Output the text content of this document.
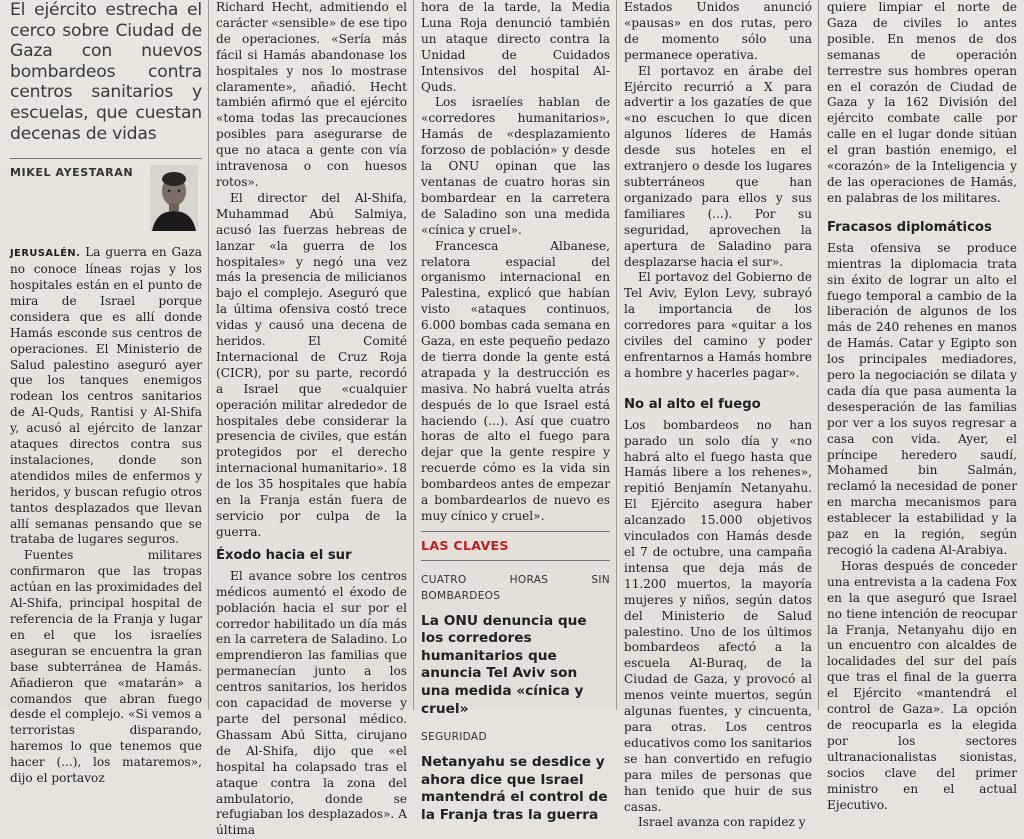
El ejército estrecha el cerco sobre Ciudad de Gaza con nuevos bombardeos contra centros sanitarios y escuelas, que cuestan decenas de vidas
MIKEL AYESTARAN

JERUSALÉN. La guerra en Gaza no conoce líneas rojas y los hospitales están en el punto de mira de Israel porque considera que es allí donde Hamás esconde sus centros de operaciones. El Ministerio de Salud palestino aseguró ayer que los tanques enemigos rodean los centros sanitarios de Al-Quds, Rantisi y Al-Shifa y, acusó al ejército de lanzar ataques directos contra sus instalaciones, donde son atendidos miles de enfermos y heridos, y buscan refugio otros tantos desplazados que llevan allí semanas pensando que se trataba de lugares seguros.

Fuentes militares confirmaron que las tropas actúan en las proximidades del Al-Shifa, principal hospital de referencia de la Franja y lugar en el que los israelíes aseguran se encuentra la gran base subterránea de Hamás. Añadieron que «matarán» a comandos que abran fuego desde el complejo. «Si vemos a terroristas disparando, haremos lo que tenemos que hacer (...), los mataremos», dijo el portavoz

Richard Hecht, admitiendo el carácter «sensible» de ese tipo de operaciones. «Sería más fácil si Hamás abandonase los hospitales y nos lo mostrase claramente», añadió. Hecht también afirmó que el ejército «toma todas las precauciones posibles para asegurarse de que no ataca a gente con vía intravenosa o con huesos rotos».

El director del Al-Shifa, Muhammad Abú Salmiya, acusó las fuerzas hebreas de lanzar «la guerra de los hospitales» y negó una vez más la presencia de milicianos bajo el complejo. Aseguró que la última ofensiva costó trece vidas y causó una decena de heridos. El Comité Internacional de Cruz Roja (CICR), por su parte, recordó a Israel que «cualquier operación militar alrededor de hospitales debe considerar la presencia de civiles, que están protegidos por el derecho internacional humanitario». 18 de los 35 hospitales que había en la Franja están fuera de servicio por culpa de la guerra.

Éxodo hacia el sur

El avance sobre los centros médicos aumentó el éxodo de población hacia el sur por el corredor habilitado un día más en la carretera de Saladino. Lo emprendieron las familias que permanecían junto a los centros sanitarios, los heridos con capacidad de moverse y parte del personal médico. Ghassam Abú Sitta, cirujano de Al-Shifa, dijo que «el hospital ha colapsado tras el ataque contra la zona del ambulatorio, donde se refugiaban los desplazados». A última

hora de la tarde, la Media Luna Roja denunció también un ataque directo contra la Unidad de Cuidados Intensivos del hospital Al-Quds.

Los israelíes hablan de «corredores humanitarios», Hamás de «desplazamiento forzoso de población» y desde la ONU opinan que las ventanas de cuatro horas sin bombardear en la carretera de Saladino son una medida «cínica y cruel».

Francesca Albanese, relatora espacial del organismo internacional en Palestina, explicó que habían visto «ataques continuos, 6.000 bombas cada semana en Gaza, en este pequeño pedazo de tierra donde la gente está atrapada y la destrucción es masiva. No habrá vuelta atrás después de lo que Israel está haciendo (...). Así que cuatro horas de alto el fuego para dejar que la gente respire y recuerde cómo es la vida sin bombardeos antes de empezar a bombardearlos de nuevo es muy cínico y cruel».

LAS CLAVES
CUATRO HORAS SIN BOMBARDEOS
La ONU denuncia que los corredores humanitarios que anuncia Tel Aviv son una medida «cínica y cruel»
SEGURIDAD
Netanyahu se desdice y ahora dice que Israel mantendrá el control de la Franja tras la guerra

Estados Unidos anunció «pausas» en dos rutas, pero de momento sólo una permanece operativa.

El portavoz en árabe del Ejército recurrió a X para advertir a los gazatíes de que «no escuchen lo que dicen algunos líderes de Hamás desde sus hoteles en el extranjero o desde los lugares subterráneos que han organizado para ellos y sus familiares (...). Por su seguridad, aprovechen la apertura de Saladino para desplazarse hacia el sur».

El portavoz del Gobierno de Tel Aviv, Eylon Levy, subrayó la importancia de los corredores para «quitar a los civiles del camino y poder enfrentarnos a Hamás hombre a hombre y hacerles pagar».

No al alto el fuego

Los bombardeos no han parado un solo día y «no habrá alto el fuego hasta que Hamás libere a los rehenes», repitió Benjamín Netanyahu. El Ejército asegura haber alcanzado 15.000 objetivos vinculados con Hamás desde el 7 de octubre, una campaña intensa que deja más de 11.200 muertos, la mayoría mujeres y niños, según datos del Ministerio de Salud palestino. Uno de los últimos bombardeos afectó a la escuela Al-Buraq, de la Ciudad de Gaza, y provocó al menos veinte muertos, según algunas fuentes, y cincuenta, para otras. Los centros educativos como los sanitarios se han convertido en refugio para miles de personas que han tenido que huir de sus casas.

Israel avanza con rapidez y

quiere limpiar el norte de Gaza de civiles lo antes posible. En menos de dos semanas de operación terrestre sus hombres operan en el corazón de Ciudad de Gaza y la 162 División del ejército combate calle por calle en el lugar donde sitúan el gran bastión enemigo, el «corazón» de la Inteligencia y de las operaciones de Hamás, en palabras de los militares.

Fracasos diplomáticos

Esta ofensiva se produce mientras la diplomacia trata sin éxito de lograr un alto el fuego temporal a cambio de la liberación de algunos de los más de 240 rehenes en manos de Hamás. Catar y Egipto son los principales mediadores, pero la negociación se dilata y cada día que pasa aumenta la desesperación de las familias por ver a los suyos regresar a casa con vida. Ayer, el príncipe heredero saudí, Mohamed bin Salmán, reclamó la necesidad de poner en marcha mecanismos para establecer la estabilidad y la paz en la región, según recogió la cadena Al-Arabiya.

Horas después de conceder una entrevista a la cadena Fox en la que aseguró que Israel no tiene intención de reocupar la Franja, Netanyahu dijo en un encuentro con alcaldes de localidades del sur del país que tras el final de la guerra el Ejército «mantendrá el control de Gaza». La opción de reocuparla es la elegida por los sectores ultranacionalistas sionistas, socios clave del primer ministro en el actual Ejecutivo.
